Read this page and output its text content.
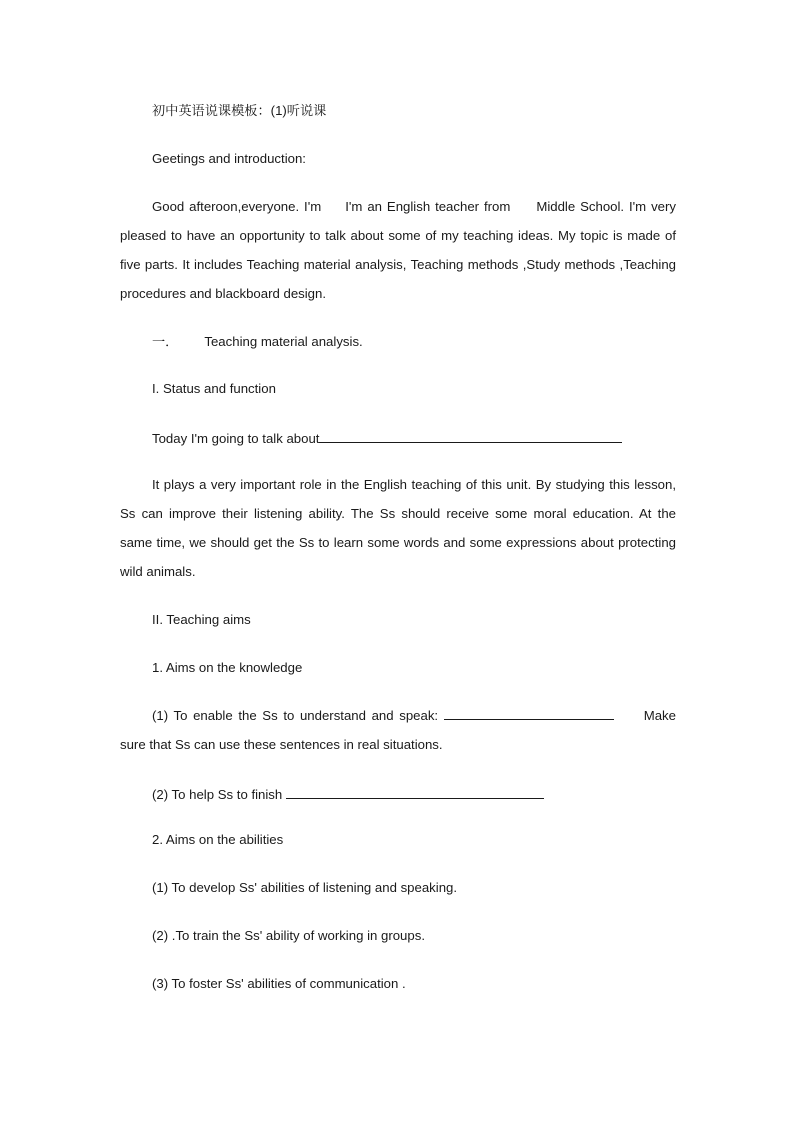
初中英语说课模板：(1)听说课
Geetings and introduction:
Good afteroon,everyone. I'm I'm an English teacher from Middle School. I'm very pleased to have an opportunity to talk about some of my teaching ideas. My topic is made of five parts. It includes Teaching material analysis, Teaching methods ,Study methods ,Teaching procedures and blackboard design.
一． Teaching material analysis.
I. Status and function
Today I'm going to talk about
It plays a very important role in the English teaching of this unit. By studying this lesson, Ss can improve their listening ability. The Ss should receive some moral education. At the same time, we should get the Ss to learn some words and some expressions about protecting wild animals.
II. Teaching aims
1. Aims on the knowledge
(1) To enable the Ss to understand and speak:	Make sure that Ss can use these sentences in real situations.
(2) To help Ss to finish
2. Aims on the abilities
(1) To develop Ss' abilities of listening and speaking.
(2) .To train the Ss' ability of working in groups.
(3) To foster Ss' abilities of communication .
